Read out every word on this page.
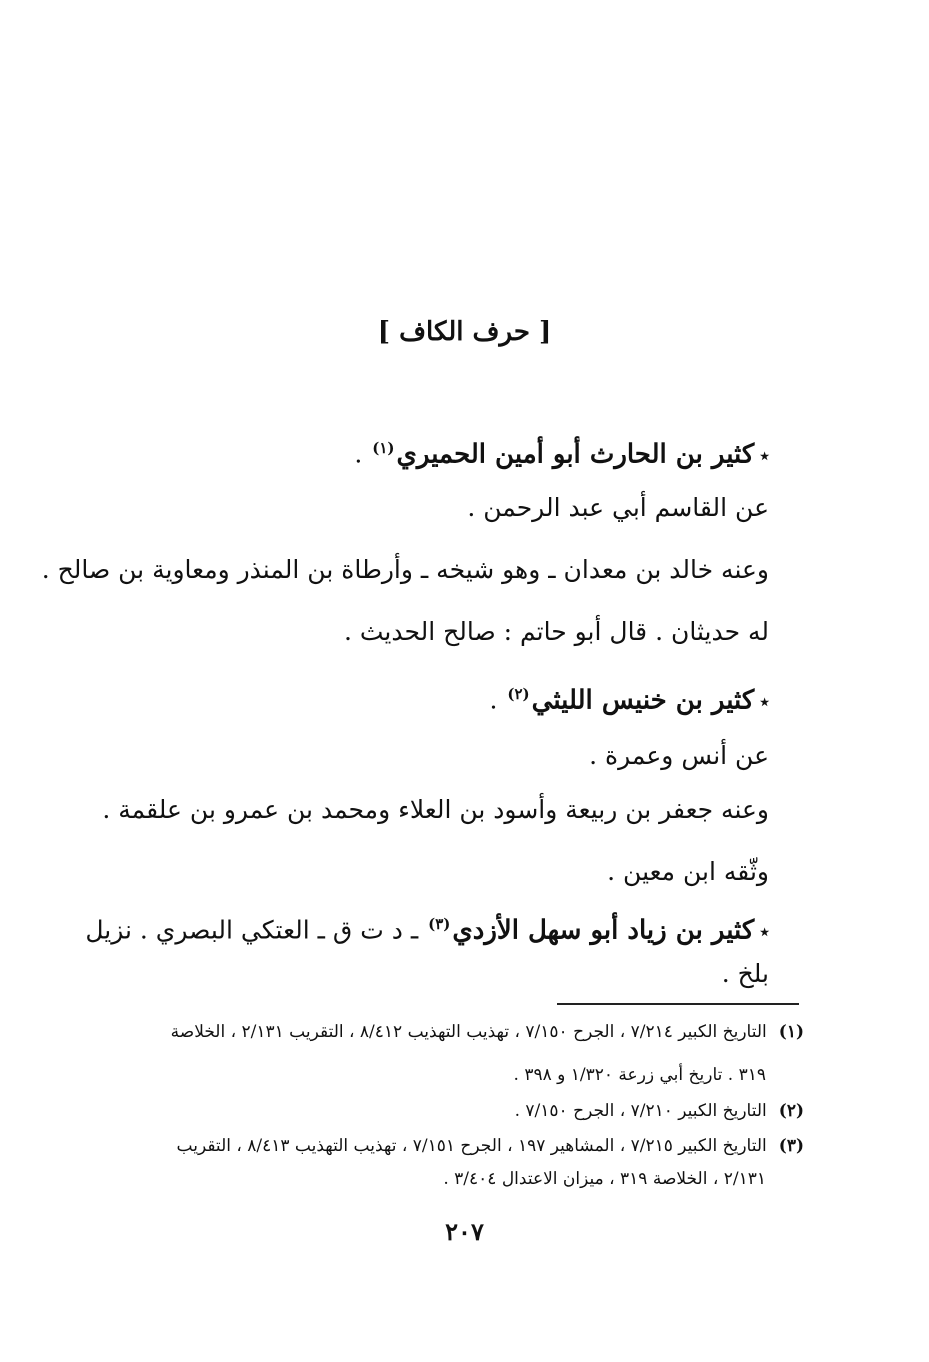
[ حرف الكاف ]
٭كثير بن الحارث أبو أمين الحميري$^{(١)}$ .
عن القاسم أبي عبد الرحمن .
وعنه خالد بن معدان ـ وهو شيخه ـ وأرطاة بن المنذر ومعاوية بن صالح .
له حديثان . قال أبو حاتم : صالح الحديث .
٭كثير بن خنيس الليثي$^{(٢)}$ .
عن أنس وعمرة .
وعنه جعفر بن ربيعة وأسود بن العلاء ومحمد بن عمرو بن علقمة .
وثّقه ابن معين .
٭كثير بن زياد أبو سهل الأزدي$^{(٣)}$ ـ د ت ق ـ العتكي البصري . نزيل
بلخ .
(١)التاريخ الكبير ٧/٢١٤ ، الجرح ٧/١٥٠ ، تهذيب التهذيب ٨/٤١٢ ، التقريب ٢/١٣١ ، الخلاصة
٣١٩ . تاريخ أبي زرعة ١/٣٢٠ و ٣٩٨ .
(٢)التاريخ الكبير ٧/٢١٠ ، الجرح ٧/١٥٠ .
(٣)التاريخ الكبير ٧/٢١٥ ، المشاهير ١٩٧ ، الجرح ٧/١٥١ ، تهذيب التهذيب ٨/٤١٣ ، التقريب
٢/١٣١ ، الخلاصة ٣١٩ ، ميزان الاعتدال ٣/٤٠٤ .
٢٠٧
